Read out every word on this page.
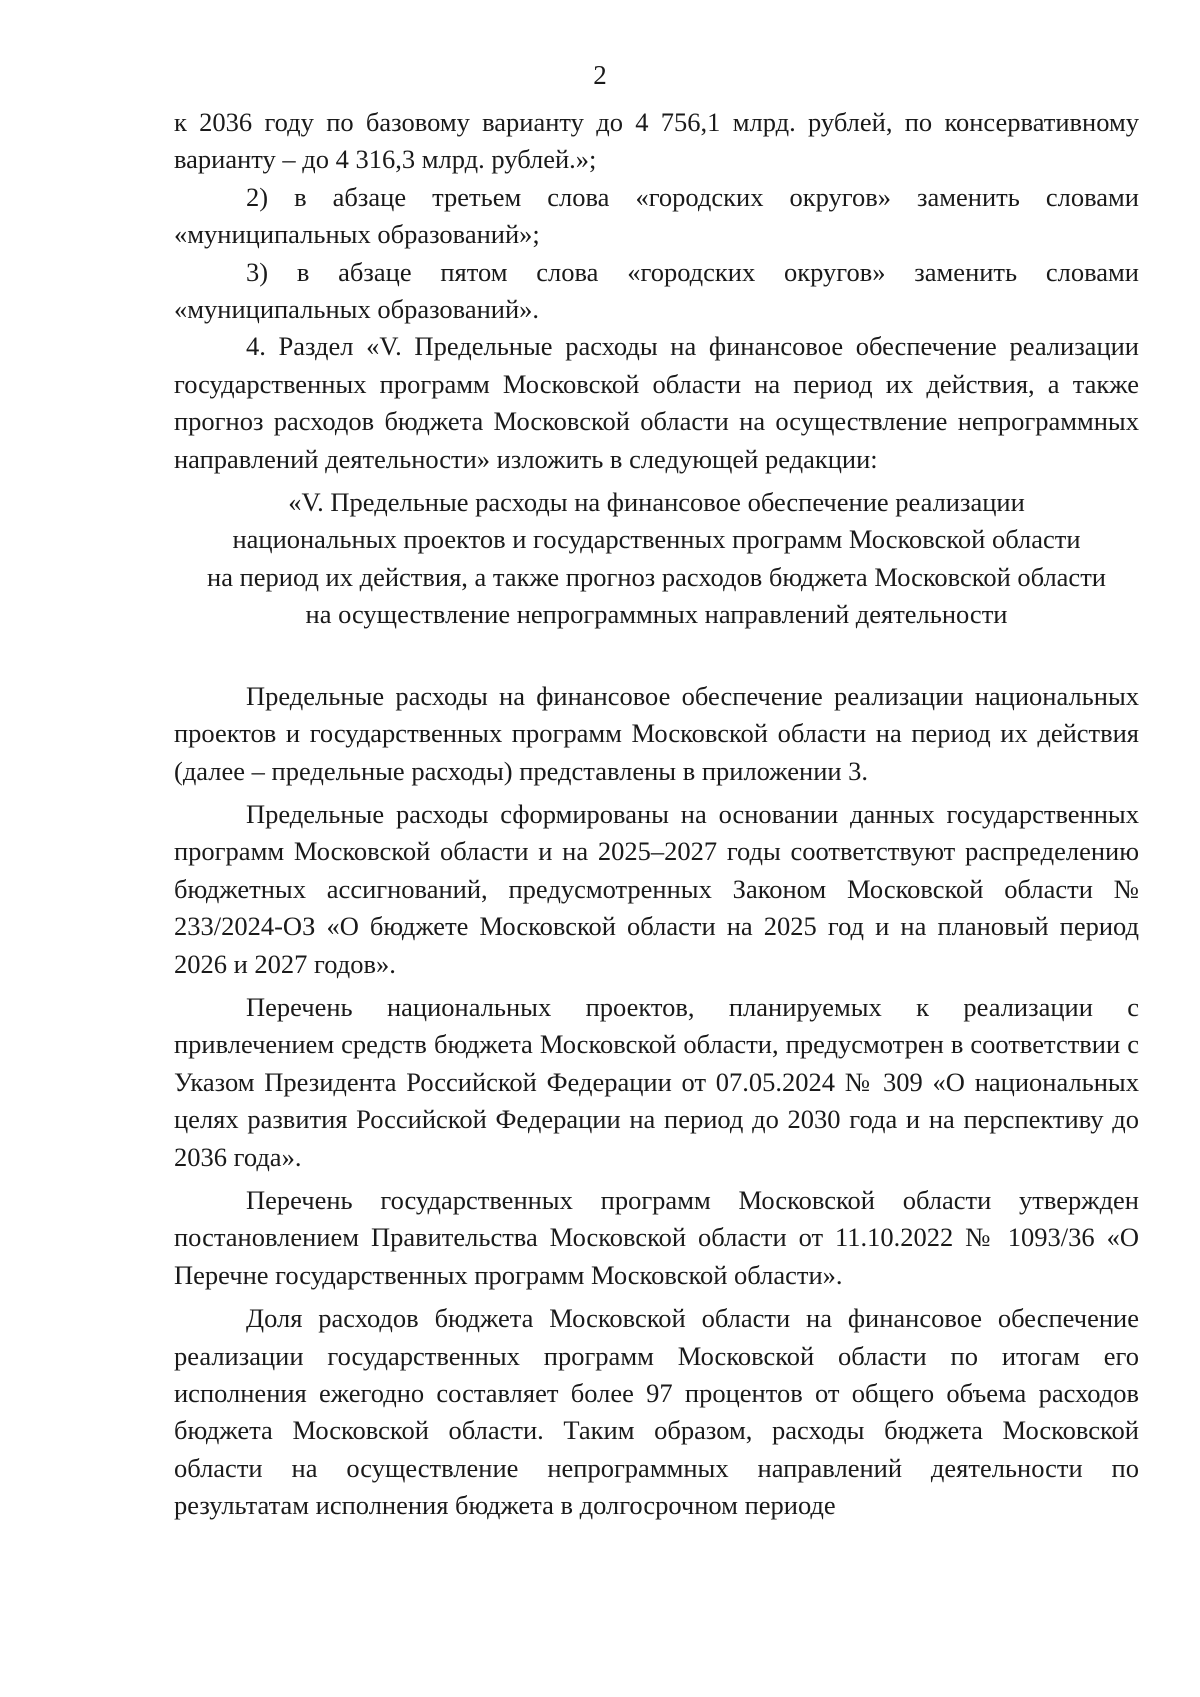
2

к 2036 году по базовому варианту до 4 756,1 млрд. рублей, по консервативному варианту – до 4 316,3 млрд. рублей.»;

2) в абзаце третьем слова «городских округов» заменить словами «муниципальных образований»;

3) в абзаце пятом слова «городских округов» заменить словами «муниципальных образований».

4. Раздел «V. Предельные расходы на финансовое обеспечение реализации государственных программ Московской области на период их действия, а также прогноз расходов бюджета Московской области на осуществление непрограммных направлений деятельности» изложить в следующей редакции:

«V. Предельные расходы на финансовое обеспечение реализации
национальных проектов и государственных программ Московской области
на период их действия, а также прогноз расходов бюджета Московской области
на осуществление непрограммных направлений деятельности

Предельные расходы на финансовое обеспечение реализации национальных проектов и государственных программ Московской области на период их действия (далее – предельные расходы) представлены в приложении 3.

Предельные расходы сформированы на основании данных государственных программ Московской области и на 2025–2027 годы соответствуют распределению бюджетных ассигнований, предусмотренных Законом Московской области № 233/2024-ОЗ «О бюджете Московской области на 2025 год и на плановый период 2026 и 2027 годов».

Перечень национальных проектов, планируемых к реализации с привлечением средств бюджета Московской области, предусмотрен в соответствии с Указом Президента Российской Федерации от 07.05.2024 № 309 «О национальных целях развития Российской Федерации на период до 2030 года и на перспективу до 2036 года».

Перечень государственных программ Московской области утвержден постановлением Правительства Московской области от 11.10.2022 № 1093/36 «О Перечне государственных программ Московской области».

Доля расходов бюджета Московской области на финансовое обеспечение реализации государственных программ Московской области по итогам его исполнения ежегодно составляет более 97 процентов от общего объема расходов бюджета Московской области. Таким образом, расходы бюджета Московской области на осуществление непрограммных направлений деятельности по результатам исполнения бюджета в долгосрочном периоде
